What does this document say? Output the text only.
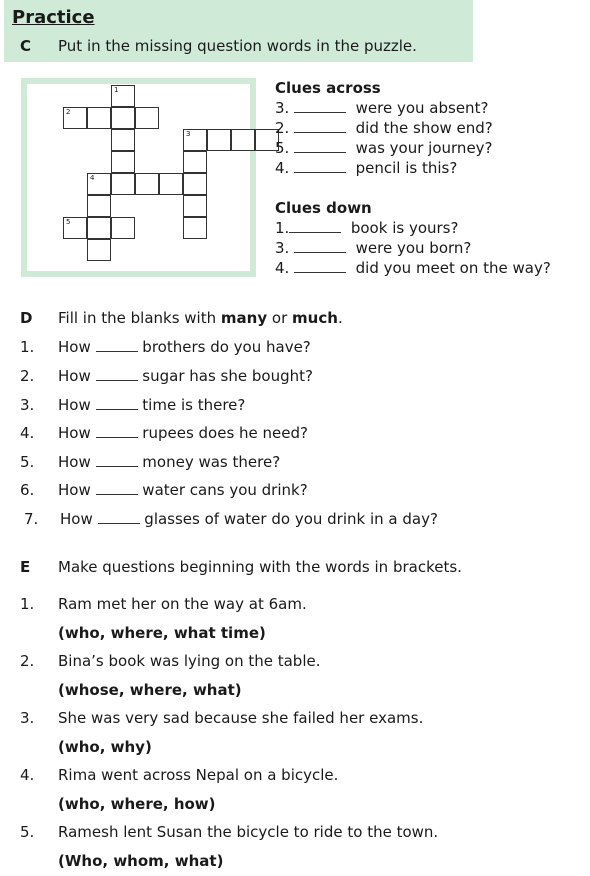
Practice
C Put in the missing question words in the puzzle.
1
2
3
4
5
Clues across
3.	were you absent?
2.	did the show end?
5.	was your journey?
4.	pencil is this?
Clues down
1.	book is yours?
3.	were you born?
4.	did you meet on the way?
D Fill in the blanks with many or much.
1. How	brothers do you have?
2. How	sugar has she bought?
3. How	time is there?
4. How	rupees does he need?
5. How	money was there?
6. How	water cans you drink?
7. How	glasses of water do you drink in a day?
E Make questions beginning with the words in brackets.
1. Ram met her on the way at 6am.
(who, where, what time)
2. Bina’s book was lying on the table.
(whose, where, what)
3. She was very sad because she failed her exams.
(who, why)
4. Rima went across Nepal on a bicycle.
(who, where, how)
5. Ramesh lent Susan the bicycle to ride to the town.
(Who, whom, what)
